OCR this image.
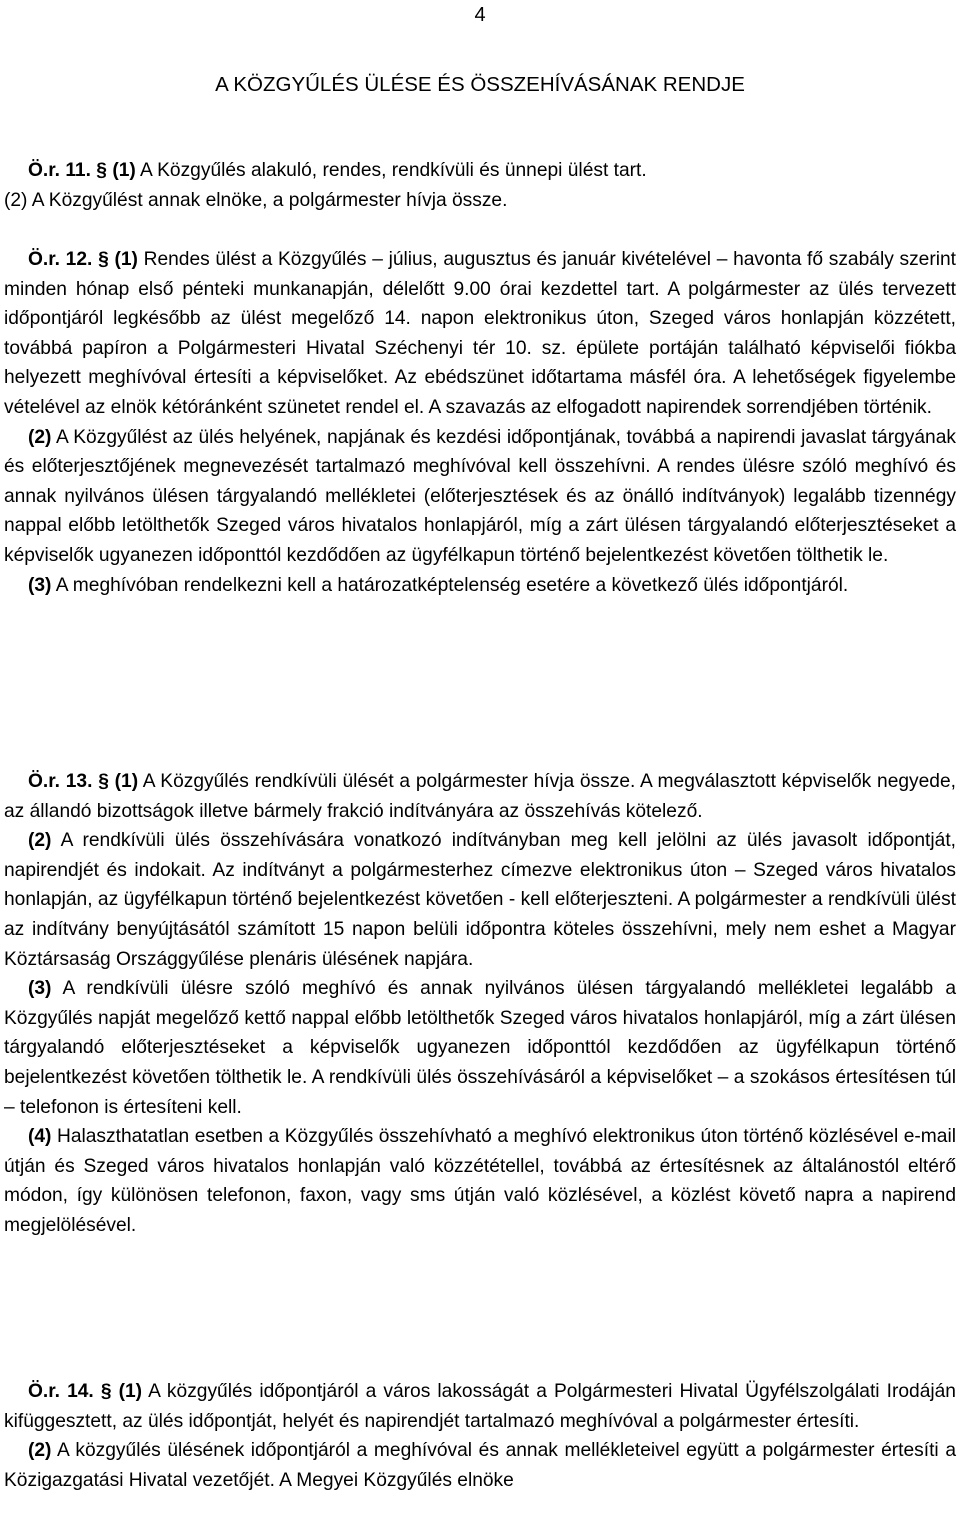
4
A KÖZGYŰLÉS ÜLÉSE ÉS ÖSSZEHÍVÁSÁNAK RENDJE

Ö.r. 11. § (1) A Közgyűlés alakuló, rendes, rendkívüli és ünnepi ülést tart.

(2) A Közgyűlést annak elnöke, a polgármester hívja össze.

Ö.r. 12. § (1) Rendes ülést a Közgyűlés – július, augusztus és január kivételével – havonta fő szabály szerint minden hónap első pénteki munkanapján, délelőtt 9.00 órai kezdettel tart. A polgármester az ülés tervezett időpontjáról legkésőbb az ülést megelőző 14. napon elektronikus úton, Szeged város honlapján közzétett, továbbá papíron a Polgármesteri Hivatal Széchenyi tér 10. sz. épülete portáján található képviselői fiókba helyezett meghívóval értesíti a képviselőket. Az ebédszünet időtartama másfél óra. A lehetőségek figyelembe vételével az elnök kétóránként szünetet rendel el. A szavazás az elfogadott napirendek sorrendjében történik.

(2) A Közgyűlést az ülés helyének, napjának és kezdési időpontjának, továbbá a napirendi javaslat tárgyának és előterjesztőjének megnevezését tartalmazó meghívóval kell összehívni. A rendes ülésre szóló meghívó és annak nyilvános ülésen tárgyalandó mellékletei (előterjesztések és az önálló indítványok) legalább tizennégy nappal előbb letölthetők Szeged város hivatalos honlapjáról, míg a zárt ülésen tárgyalandó előterjesztéseket a képviselők ugyanezen időponttól kezdődően az ügyfélkapun történő bejelentkezést követően tölthetik le.

(3) A meghívóban rendelkezni kell a határozatképtelenség esetére a következő ülés időpontjáról.

Ö.r. 13. § (1) A Közgyűlés rendkívüli ülését a polgármester hívja össze. A megválasztott képviselők negyede, az állandó bizottságok illetve bármely frakció indítványára az összehívás kötelező.

(2) A rendkívüli ülés összehívására vonatkozó indítványban meg kell jelölni az ülés javasolt időpontját, napirendjét és indokait. Az indítványt a polgármesterhez címezve elektronikus úton – Szeged város hivatalos honlapján, az ügyfélkapun történő bejelentkezést követően - kell előterjeszteni. A polgármester a rendkívüli ülést az indítvány benyújtásától számított 15 napon belüli időpontra köteles összehívni, mely nem eshet a Magyar Köztársaság Országgyűlése plenáris ülésének napjára.

(3) A rendkívüli ülésre szóló meghívó és annak nyilvános ülésen tárgyalandó mellékletei legalább a Közgyűlés napját megelőző kettő nappal előbb letölthetők Szeged város hivatalos honlapjáról, míg a zárt ülésen tárgyalandó előterjesztéseket a képviselők ugyanezen időponttól kezdődően az ügyfélkapun történő bejelentkezést követően tölthetik le. A rendkívüli ülés összehívásáról a képviselőket – a szokásos értesítésen túl – telefonon is értesíteni kell.

(4) Halaszthatatlan esetben a Közgyűlés összehívható a meghívó elektronikus úton történő közlésével e-mail útján és Szeged város hivatalos honlapján való közzététellel, továbbá az értesítésnek az általánostól eltérő módon, így különösen telefonon, faxon, vagy sms útján való közlésével, a közlést követő napra a napirend megjelölésével.

Ö.r. 14. § (1) A közgyűlés időpontjáról a város lakosságát a Polgármesteri Hivatal Ügyfélszolgálati Irodáján kifüggesztett, az ülés időpontját, helyét és napirendjét tartalmazó meghívóval a polgármester értesíti.

(2) A közgyűlés ülésének időpontjáról a meghívóval és annak mellékleteivel együtt a polgármester értesíti a Közigazgatási Hivatal vezetőjét. A Megyei Közgyűlés elnöke
